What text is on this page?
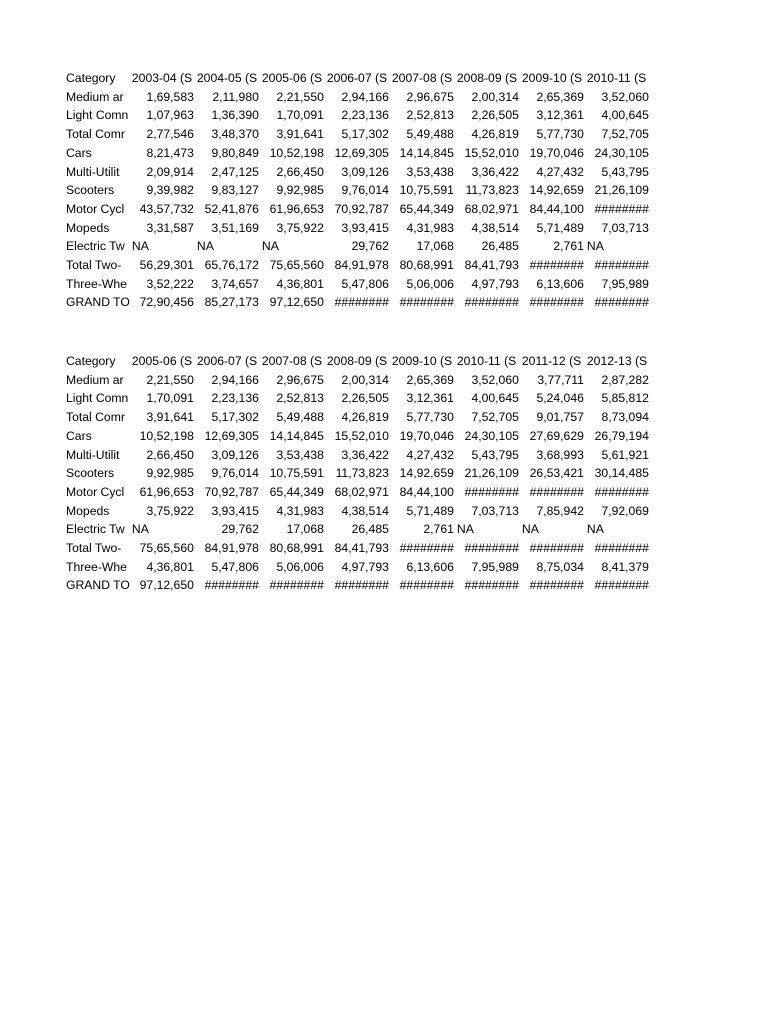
Category	2003-04 (S	2004-05 (S	2005-06 (S	2006-07 (S	2007-08 (S	2008-09 (S	2009-10 (S	2010-11 (S
Medium ar	1,69,583	2,11,980	2,21,550	2,94,166	2,96,675	2,00,314	2,65,369	3,52,060
Light Comn	1,07,963	1,36,390	1,70,091	2,23,136	2,52,813	2,26,505	3,12,361	4,00,645
Total Comr	2,77,546	3,48,370	3,91,641	5,17,302	5,49,488	4,26,819	5,77,730	7,52,705
Cars	8,21,473	9,80,849	10,52,198	12,69,305	14,14,845	15,52,010	19,70,046	24,30,105
Multi-Utilit	2,09,914	2,47,125	2,66,450	3,09,126	3,53,438	3,36,422	4,27,432	5,43,795
Scooters	9,39,982	9,83,127	9,92,985	9,76,014	10,75,591	11,73,823	14,92,659	21,26,109
Motor Cycl	43,57,732	52,41,876	61,96,653	70,92,787	65,44,349	68,02,971	84,44,100	########
Mopeds	3,31,587	3,51,169	3,75,922	3,93,415	4,31,983	4,38,514	5,71,489	7,03,713
Electric Tw	NA	NA	NA	29,762	17,068	26,485	2,761	NA
Total Two-	56,29,301	65,76,172	75,65,560	84,91,978	80,68,991	84,41,793	########	########
Three-Whe	3,52,222	3,74,657	4,36,801	5,47,806	5,06,006	4,97,793	6,13,606	7,95,989
GRAND TO	72,90,456	85,27,173	97,12,650	########	########	########	########	########
Category	2005-06 (S	2006-07 (S	2007-08 (S	2008-09 (S	2009-10 (S	2010-11 (S	2011-12 (S	2012-13 (S
Medium ar	2,21,550	2,94,166	2,96,675	2,00,314	2,65,369	3,52,060	3,77,711	2,87,282
Light Comn	1,70,091	2,23,136	2,52,813	2,26,505	3,12,361	4,00,645	5,24,046	5,85,812
Total Comr	3,91,641	5,17,302	5,49,488	4,26,819	5,77,730	7,52,705	9,01,757	8,73,094
Cars	10,52,198	12,69,305	14,14,845	15,52,010	19,70,046	24,30,105	27,69,629	26,79,194
Multi-Utilit	2,66,450	3,09,126	3,53,438	3,36,422	4,27,432	5,43,795	3,68,993	5,61,921
Scooters	9,92,985	9,76,014	10,75,591	11,73,823	14,92,659	21,26,109	26,53,421	30,14,485
Motor Cycl	61,96,653	70,92,787	65,44,349	68,02,971	84,44,100	########	########	########
Mopeds	3,75,922	3,93,415	4,31,983	4,38,514	5,71,489	7,03,713	7,85,942	7,92,069
Electric Tw	NA	29,762	17,068	26,485	2,761	NA	NA	NA
Total Two-	75,65,560	84,91,978	80,68,991	84,41,793	########	########	########	########
Three-Whe	4,36,801	5,47,806	5,06,006	4,97,793	6,13,606	7,95,989	8,75,034	8,41,379
GRAND TO	97,12,650	########	########	########	########	########	########	########
